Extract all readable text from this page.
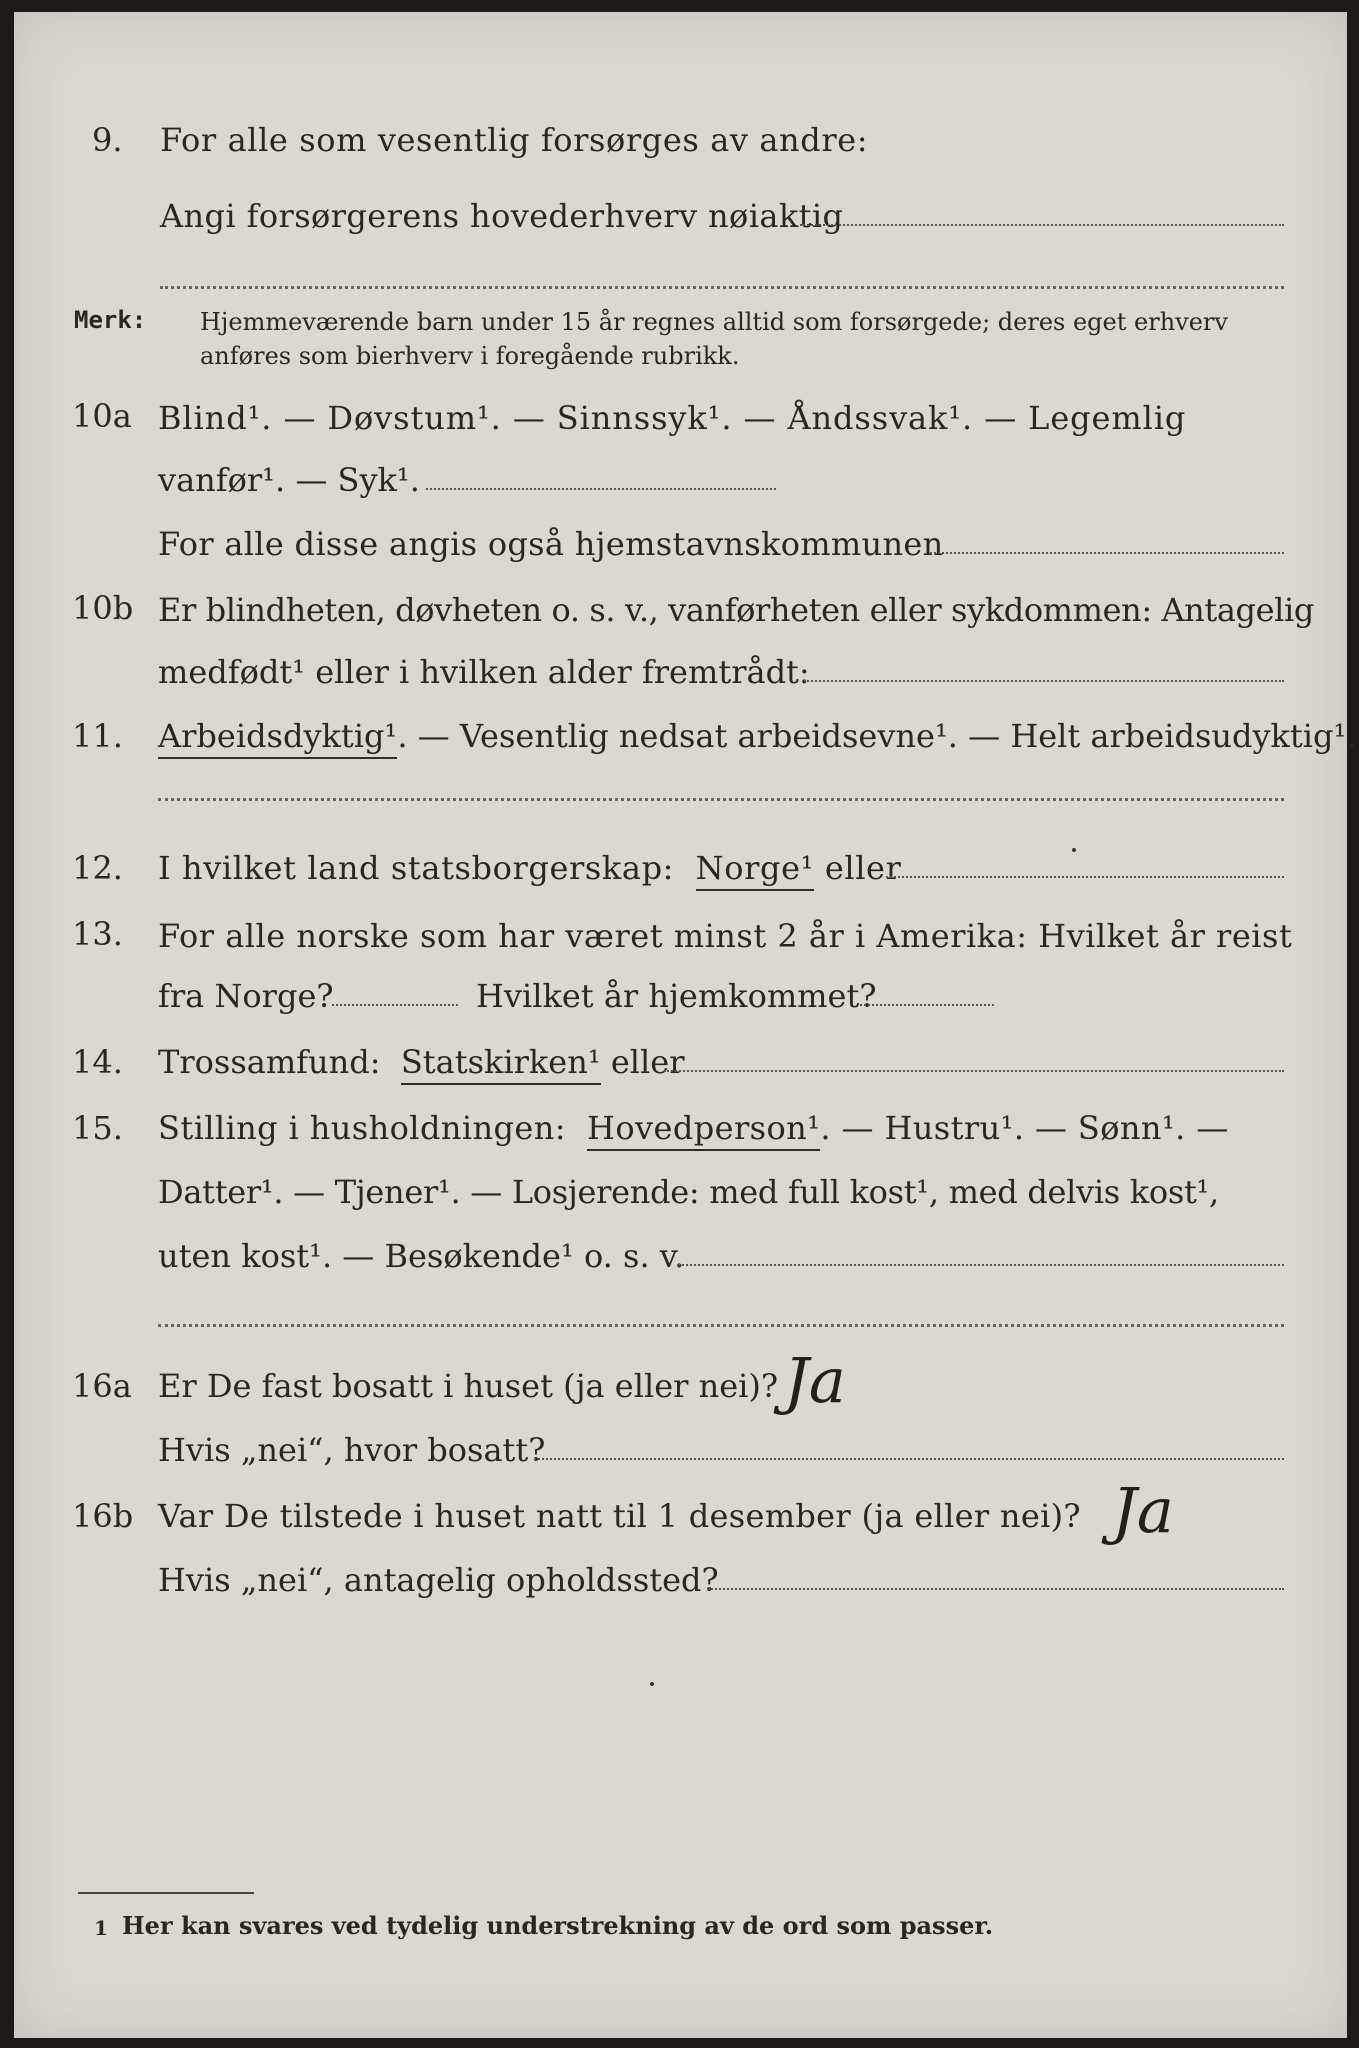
9. For alle som vesentlig forsørges av andre:
Angi forsørgerens hovederhverv nøiaktig
Merk: Hjemmeværende barn under 15 år regnes alltid som forsørgede; deres eget erhverv
anføres som bierhverv i foregående rubrikk.
10a Blind¹. — Døvstum¹. — Sinnssyk¹. — Åndssvak¹. — Legemlig
vanfør¹. — Syk¹.
For alle disse angis også hjemstavnskommunen
10b Er blindheten, døvheten o. s. v., vanførheten eller sykdommen: Antagelig
medfødt¹ eller i hvilken alder fremtrådt:
11. Arbeidsdyktig¹. — Vesentlig nedsat arbeidsevne¹. — Helt arbeidsudyktig¹.
12. I hvilket land statsborgerskap: Norge¹ eller
13. For alle norske som har været minst 2 år i Amerika: Hvilket år reist
fra Norge?	Hvilket år hjemkommet?
14. Trossamfund: Statskirken¹ eller
15. Stilling i husholdningen: Hovedperson¹. — Hustru¹. — Sønn¹. —
Datter¹. — Tjener¹. — Losjerende: med full kost¹, med delvis kost¹,
uten kost¹. — Besøkende¹ o. s. v.
16a Er De fast bosatt i huset (ja eller nei)? Ja
Hvis „nei“, hvor bosatt?
16b Var De tilstede i huset natt til 1 desember (ja eller nei)? Ja
Hvis „nei“, antagelig opholdssted?
1 Her kan svares ved tydelig understrekning av de ord som passer.
